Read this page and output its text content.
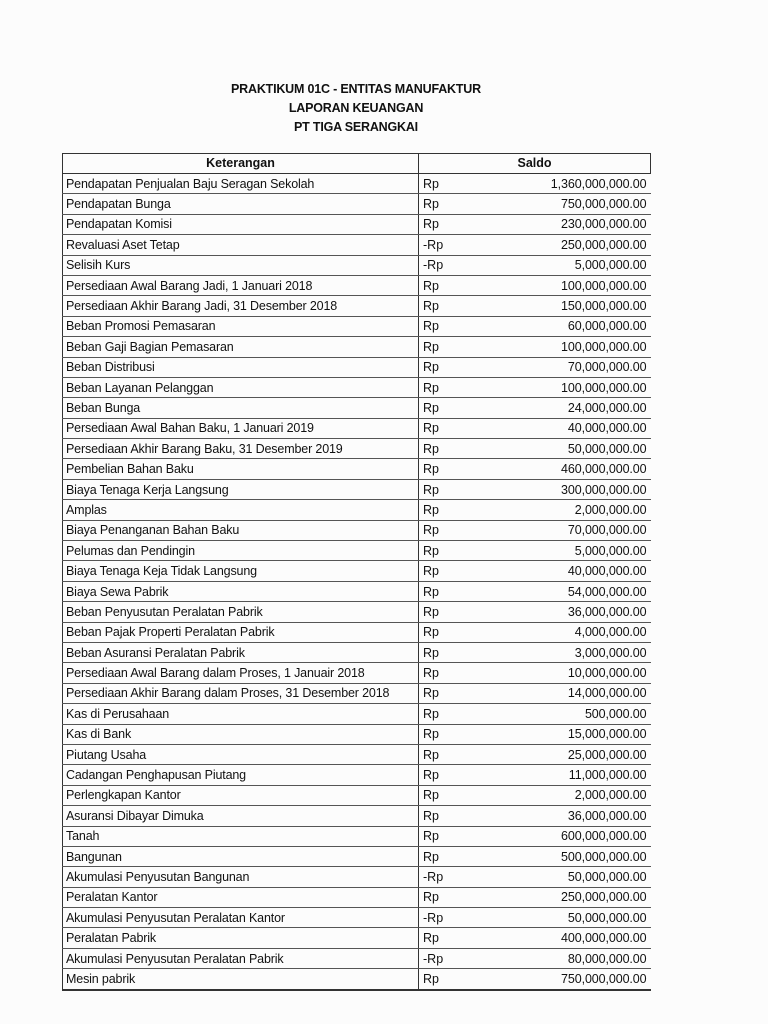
PRAKTIKUM 01C - ENTITAS MANUFAKTUR
LAPORAN KEUANGAN
PT TIGA SERANGKAI
Keterangan	Saldo	
Pendapatan Penjualan Baju Seragan Sekolah	Rp	1,360,000,000.00
Pendapatan Bunga	Rp	750,000,000.00
Pendapatan Komisi	Rp	230,000,000.00
Revaluasi Aset Tetap	-Rp	250,000,000.00
Selisih Kurs	-Rp	5,000,000.00
Persediaan Awal Barang Jadi, 1 Januari 2018	Rp	100,000,000.00
Persediaan Akhir Barang Jadi, 31 Desember 2018	Rp	150,000,000.00
Beban Promosi Pemasaran	Rp	60,000,000.00
Beban Gaji Bagian Pemasaran	Rp	100,000,000.00
Beban Distribusi	Rp	70,000,000.00
Beban Layanan Pelanggan	Rp	100,000,000.00
Beban Bunga	Rp	24,000,000.00
Persediaan Awal Bahan Baku, 1 Januari 2019	Rp	40,000,000.00
Persediaan Akhir Barang Baku, 31 Desember 2019	Rp	50,000,000.00
Pembelian Bahan Baku	Rp	460,000,000.00
Biaya Tenaga Kerja Langsung	Rp	300,000,000.00
Amplas	Rp	2,000,000.00
Biaya Penanganan Bahan Baku	Rp	70,000,000.00
Pelumas dan Pendingin	Rp	5,000,000.00
Biaya Tenaga Keja Tidak Langsung	Rp	40,000,000.00
Biaya Sewa Pabrik	Rp	54,000,000.00
Beban Penyusutan Peralatan Pabrik	Rp	36,000,000.00
Beban Pajak Properti Peralatan Pabrik	Rp	4,000,000.00
Beban Asuransi Peralatan Pabrik	Rp	3,000,000.00
Persediaan Awal Barang dalam Proses, 1 Januair 2018	Rp	10,000,000.00
Persediaan Akhir Barang dalam Proses, 31 Desember 2018	Rp	14,000,000.00
Kas di Perusahaan	Rp	500,000.00
Kas di Bank	Rp	15,000,000.00
Piutang Usaha	Rp	25,000,000.00
Cadangan Penghapusan Piutang	Rp	11,000,000.00
Perlengkapan Kantor	Rp	2,000,000.00
Asuransi Dibayar Dimuka	Rp	36,000,000.00
Tanah	Rp	600,000,000.00
Bangunan	Rp	500,000,000.00
Akumulasi Penyusutan Bangunan	-Rp	50,000,000.00
Peralatan Kantor	Rp	250,000,000.00
Akumulasi Penyusutan Peralatan Kantor	-Rp	50,000,000.00
Peralatan Pabrik	Rp	400,000,000.00
Akumulasi Penyusutan Peralatan Pabrik	-Rp	80,000,000.00
Mesin pabrik	Rp	750,000,000.00
